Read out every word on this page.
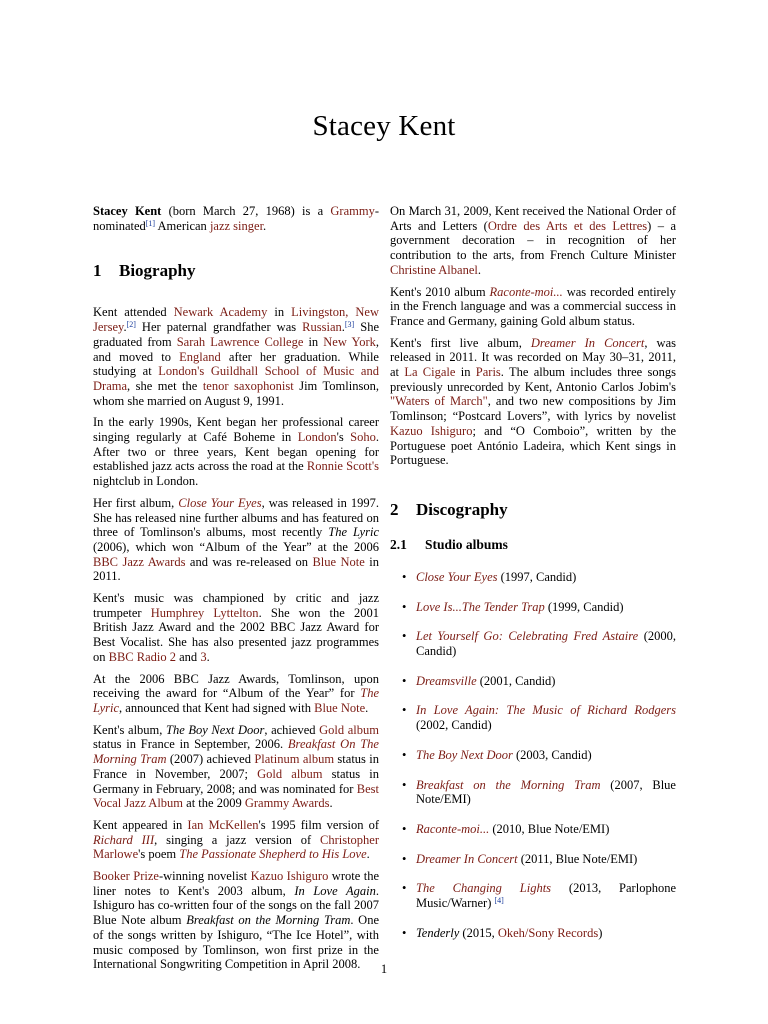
Stacey Kent

Stacey Kent (born March 27, 1968) is a Grammy-nominated[1] American jazz singer.

1 Biography

Kent attended Newark Academy in Livingston, New Jersey.[2] Her paternal grandfather was Russian.[3] She graduated from Sarah Lawrence College in New York, and moved to England after her graduation. While studying at London's Guildhall School of Music and Drama, she met the tenor saxophonist Jim Tomlinson, whom she married on August 9, 1991.

In the early 1990s, Kent began her professional career singing regularly at Café Boheme in London's Soho. After two or three years, Kent began opening for established jazz acts across the road at the Ronnie Scott's nightclub in London.

Her first album, Close Your Eyes, was released in 1997. She has released nine further albums and has featured on three of Tomlinson's albums, most recently The Lyric (2006), which won “Album of the Year” at the 2006 BBC Jazz Awards and was re-released on Blue Note in 2011.

Kent's music was championed by critic and jazz trumpeter Humphrey Lyttelton. She won the 2001 British Jazz Award and the 2002 BBC Jazz Award for Best Vocalist. She has also presented jazz programmes on BBC Radio 2 and 3.

At the 2006 BBC Jazz Awards, Tomlinson, upon receiving the award for “Album of the Year” for The Lyric, announced that Kent had signed with Blue Note.

Kent's album, The Boy Next Door, achieved Gold album status in France in September, 2006. Breakfast On The Morning Tram (2007) achieved Platinum album status in France in November, 2007; Gold album status in Germany in February, 2008; and was nominated for Best Vocal Jazz Album at the 2009 Grammy Awards.

Kent appeared in Ian McKellen's 1995 film version of Richard III, singing a jazz version of Christopher Marlowe's poem The Passionate Shepherd to His Love.

Booker Prize-winning novelist Kazuo Ishiguro wrote the liner notes to Kent's 2003 album, In Love Again. Ishiguro has co-written four of the songs on the fall 2007 Blue Note album Breakfast on the Morning Tram. One of the songs written by Ishiguro, “The Ice Hotel”, with music composed by Tomlinson, won first prize in the International Songwriting Competition in April 2008.

On March 31, 2009, Kent received the National Order of Arts and Letters (Ordre des Arts et des Lettres) – a government decoration – in recognition of her contribution to the arts, from French Culture Minister Christine Albanel.

Kent's 2010 album Raconte-moi... was recorded entirely in the French language and was a commercial success in France and Germany, gaining Gold album status.

Kent's first live album, Dreamer In Concert, was released in 2011. It was recorded on May 30–31, 2011, at La Cigale in Paris. The album includes three songs previously unrecorded by Kent, Antonio Carlos Jobim's "Waters of March", and two new compositions by Jim Tomlinson; “Postcard Lovers”, with lyrics by novelist Kazuo Ishiguro; and “O Comboio”, written by the Portuguese poet António Ladeira, which Kent sings in Portuguese.

2 Discography
2.1 Studio albums
• Close Your Eyes (1997, Candid)
• Love Is...The Tender Trap (1999, Candid)
• Let Yourself Go: Celebrating Fred Astaire (2000, Candid)
• Dreamsville (2001, Candid)
• In Love Again: The Music of Richard Rodgers (2002, Candid)
• The Boy Next Door (2003, Candid)
• Breakfast on the Morning Tram (2007, Blue Note/EMI)
• Raconte-moi... (2010, Blue Note/EMI)
• Dreamer In Concert (2011, Blue Note/EMI)
• The Changing Lights (2013, Parlophone Music/Warner) [4]
• Tenderly (2015, Okeh/Sony Records)
1
